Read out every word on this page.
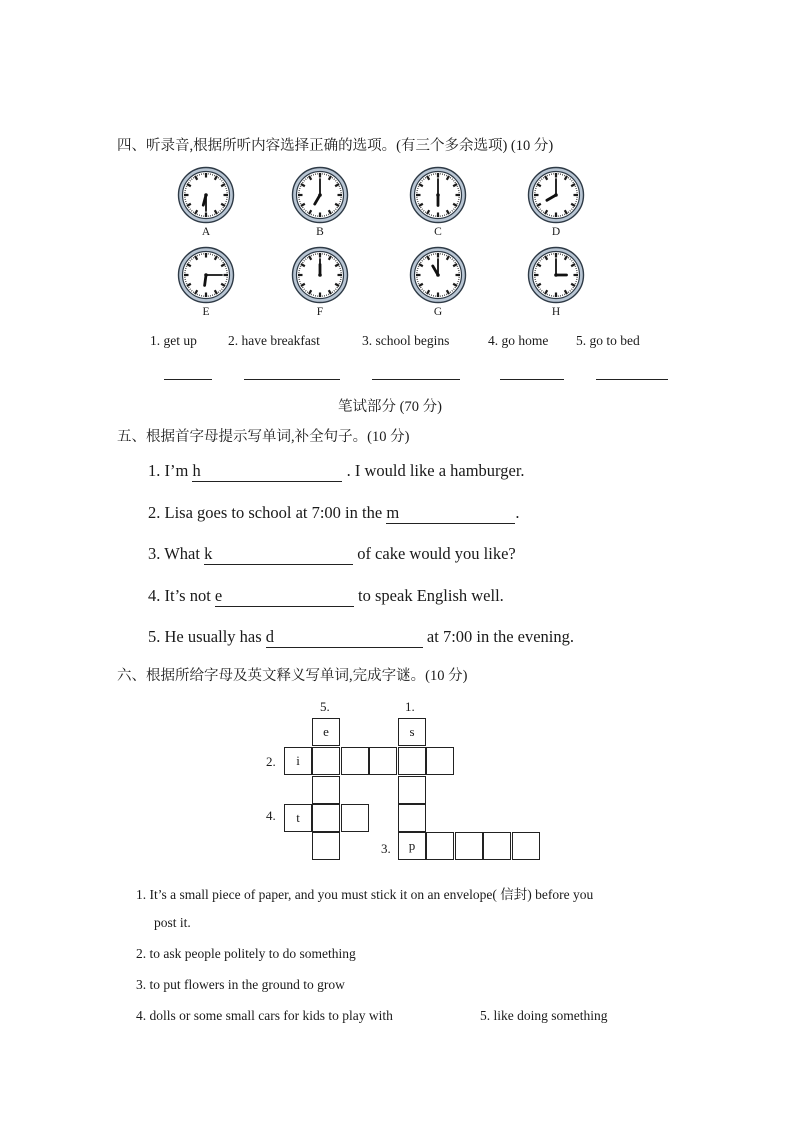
四、听录音,根据所听内容选择正确的选项。(有三个多余选项) (10 分)
A	B	C	D
E	F	G	H
1. get up 2. have breakfast	3. school begins	4. go home 5. go to bed
笔试部分 (70 分)
五、根据首字母提示写单词,补全句子。(10 分)
1. I’m h	. I would like a hamburger.
2. Lisa goes to school at 7:00 in the m	.
3. What k	of cake would you like?
4. It’s not e	to speak English well.
5. He usually has d	at 7:00 in the evening.
六、根据所给字母及英文释义写单词,完成字谜。(10 分)
5.	1.
2.
4.
3.
e	s
i
t
p
1. It’s a small piece of paper, and you must stick it on an envelope( 信封) before you
post it.
2. to ask people politely to do something
3. to put flowers in the ground to grow
4. dolls or some small cars for kids to play with	5. like doing something
